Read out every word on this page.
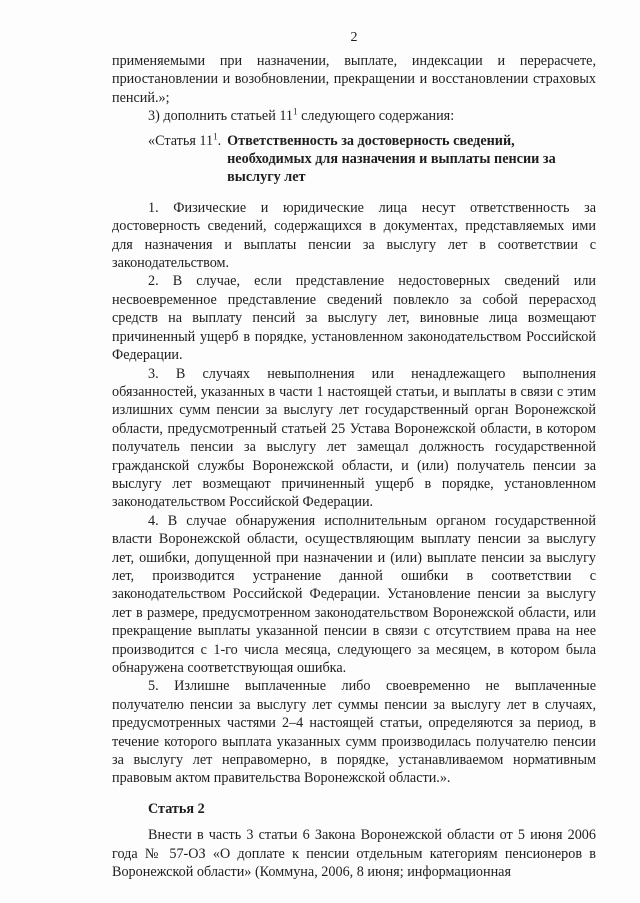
2

применяемыми при назначении, выплате, индексации и перерасчете, приостановлении и возобновлении, прекращении и восстановлении страховых пенсий.»;

3) дополнить статьей $11^1$ следующего содержания:

«Статья $11^1$. Ответственность за достоверность сведений, необходимых для назначения и выплаты пенсии за выслугу лет

1. Физические и юридические лица несут ответственность за достоверность сведений, содержащихся в документах, представляемых ими для назначения и выплаты пенсии за выслугу лет в соответствии с законодательством.

2. В случае, если представление недостоверных сведений или несвоевременное представление сведений повлекло за собой перерасход средств на выплату пенсий за выслугу лет, виновные лица возмещают причиненный ущерб в порядке, установленном законодательством Российской Федерации.

3. В случаях невыполнения или ненадлежащего выполнения обязанностей, указанных в части 1 настоящей статьи, и выплаты в связи с этим излишних сумм пенсии за выслугу лет государственный орган Воронежской области, предусмотренный статьей 25 Устава Воронежской области, в котором получатель пенсии за выслугу лет замещал должность государственной гражданской службы Воронежской области, и (или) получатель пенсии за выслугу лет возмещают причиненный ущерб в порядке, установленном законодательством Российской Федерации.

4. В случае обнаружения исполнительным органом государственной власти Воронежской области, осуществляющим выплату пенсии за выслугу лет, ошибки, допущенной при назначении и (или) выплате пенсии за выслугу лет, производится устранение данной ошибки в соответствии с законодательством Российской Федерации. Установление пенсии за выслугу лет в размере, предусмотренном законодательством Воронежской области, или прекращение выплаты указанной пенсии в связи с отсутствием права на нее производится с 1-го числа месяца, следующего за месяцем, в котором была обнаружена соответствующая ошибка.

5. Излишне выплаченные либо своевременно не выплаченные получателю пенсии за выслугу лет суммы пенсии за выслугу лет в случаях, предусмотренных частями 2–4 настоящей статьи, определяются за период, в течение которого выплата указанных сумм производилась получателю пенсии за выслугу лет неправомерно, в порядке, устанавливаемом нормативным правовым актом правительства Воронежской области.».

Статья 2

Внести в часть 3 статьи 6 Закона Воронежской области от 5 июня 2006 года № 57-ОЗ «О доплате к пенсии отдельным категориям пенсионеров в Воронежской области» (Коммуна, 2006, 8 июня; информационная
